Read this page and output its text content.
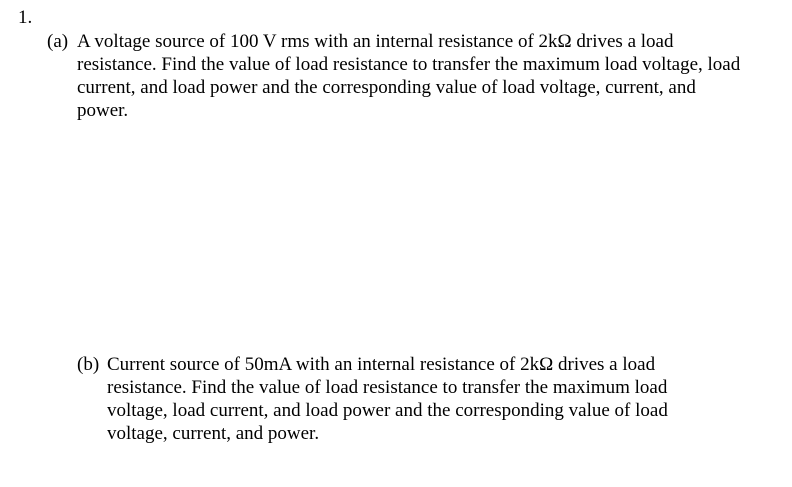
1.
(a) A voltage source of 100 V rms with an internal resistance of 2kΩ drives a load resistance. Find the value of load resistance to transfer the maximum load voltage, load current, and load power and the corresponding value of load voltage, current, and power.
(b) Current source of 50mA with an internal resistance of 2kΩ drives a load resistance. Find the value of load resistance to transfer the maximum load voltage, load current, and load power and the corresponding value of load voltage, current, and power.
